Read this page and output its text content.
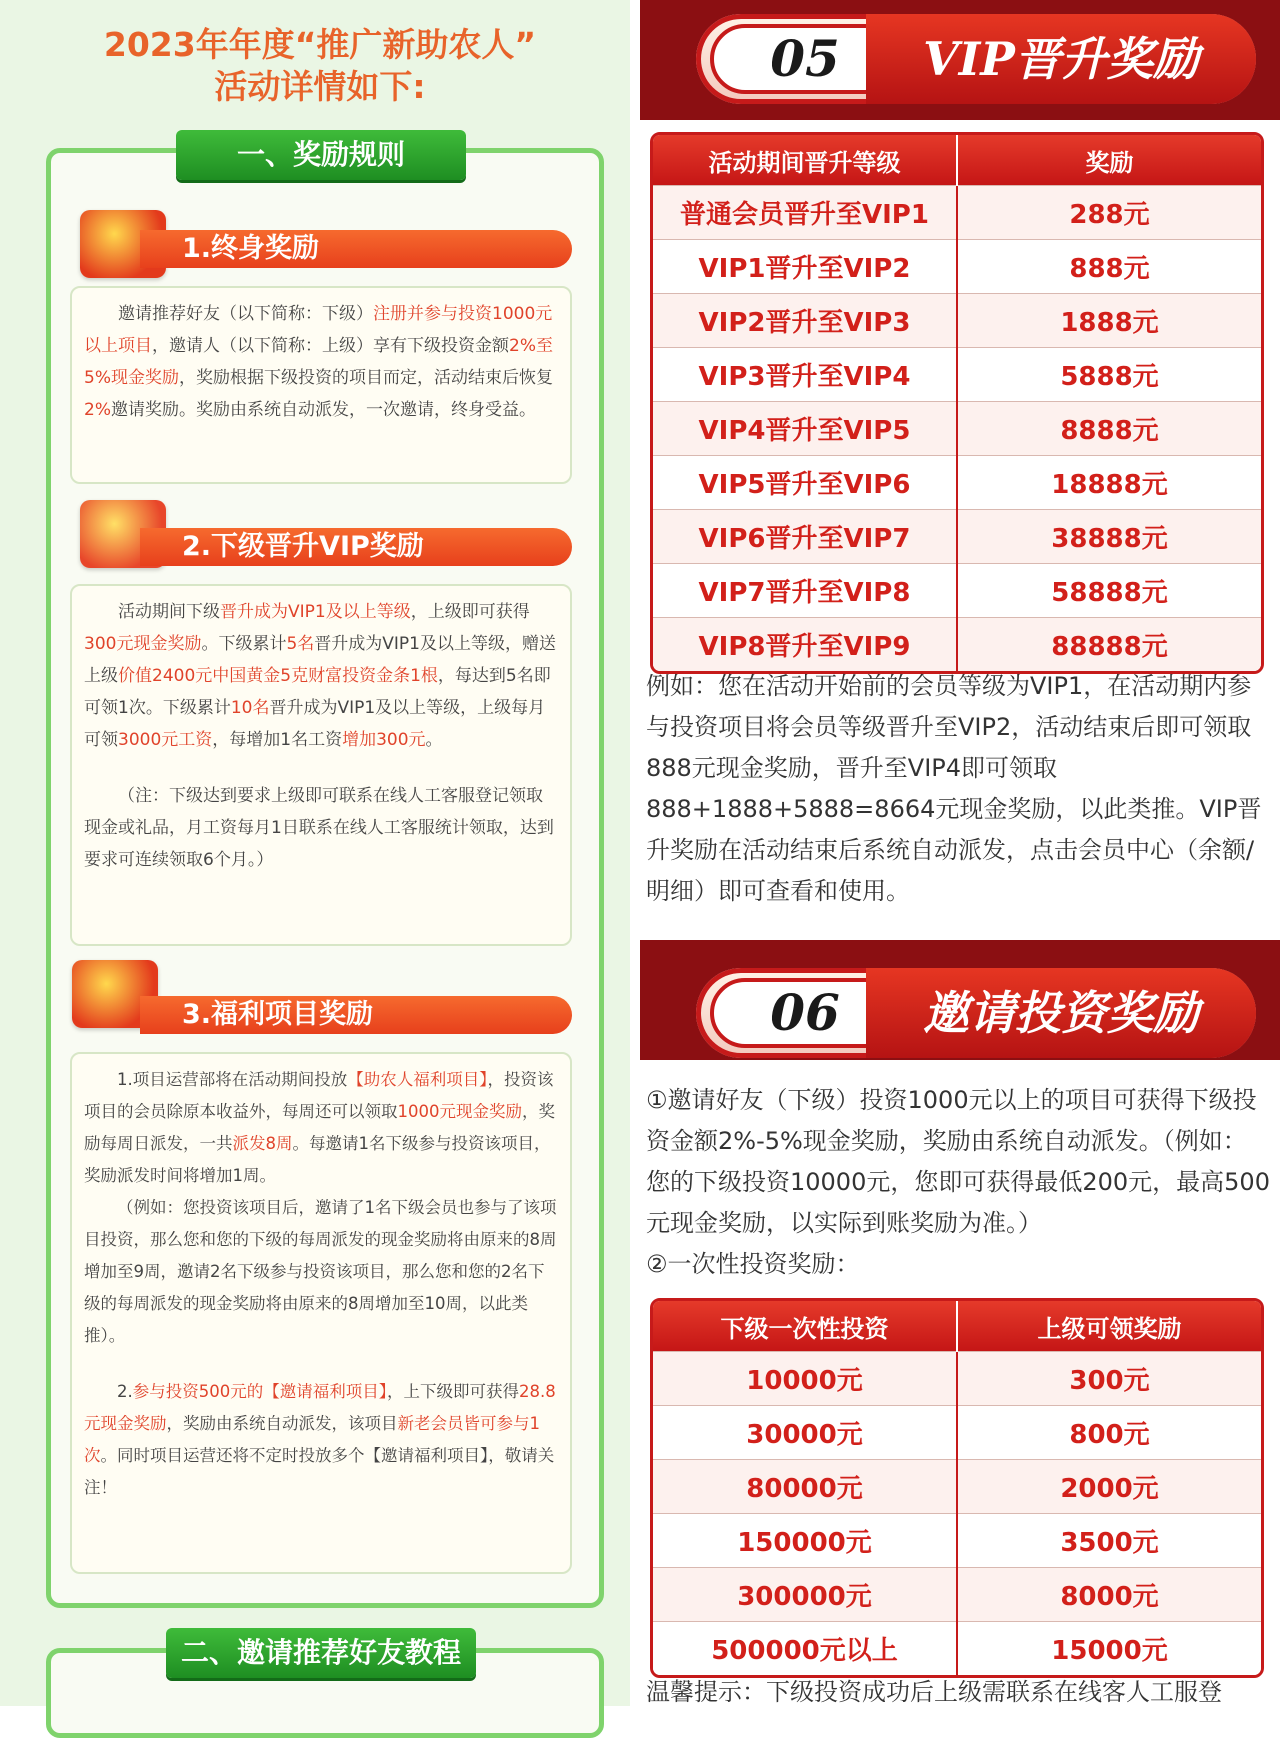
2023年年度“推广新助农人”
活动详情如下:
一、奖励规则
1.终身奖励

邀请推荐好友（以下简称：下级）注册并参与投资1000元以上项目，邀请人（以下简称：上级）享有下级投资金额2%至5%现金奖励，奖励根据下级投资的项目而定，活动结束后恢复2%邀请奖励。奖励由系统自动派发，一次邀请，终身受益。

2.下级晋升VIP奖励

活动期间下级晋升成为VIP1及以上等级，上级即可获得300元现金奖励。下级累计5名晋升成为VIP1及以上等级，赠送上级价值2400元中国黄金5克财富投资金条1根，每达到5名即可领1次。下级累计10名晋升成为VIP1及以上等级，上级每月可领3000元工资，每增加1名工资增加300元。

（注：下级达到要求上级即可联系在线人工客服登记领取现金或礼品，月工资每月1日联系在线人工客服统计领取，达到要求可连续领取6个月。）

3.福利项目奖励

1.项目运营部将在活动期间投放【助农人福利项目】，投资该项目的会员除原本收益外，每周还可以领取1000元现金奖励，奖励每周日派发，一共派发8周。每邀请1名下级参与投资该项目，奖励派发时间将增加1周。

（例如：您投资该项目后，邀请了1名下级会员也参与了该项目投资，那么您和您的下级的每周派发的现金奖励将由原来的8周增加至9周，邀请2名下级参与投资该项目，那么您和您的2名下级的每周派发的现金奖励将由原来的8周增加至10周，以此类推）。

2.参与投资500元的【邀请福利项目】，上下级即可获得28.8元现金奖励，奖励由系统自动派发，该项目新老会员皆可参与1次。同时项目运营还将不定时投放多个【邀请福利项目】，敬请关注！

二、邀请推荐好友教程
05	VIP晋升奖励
活动期间晋升等级	奖励
普通会员晋升至VIP1	288元
VIP1晋升至VIP2	888元
VIP2晋升至VIP3	1888元
VIP3晋升至VIP4	5888元
VIP4晋升至VIP5	8888元
VIP5晋升至VIP6	18888元
VIP6晋升至VIP7	38888元
VIP7晋升至VIP8	58888元
VIP8晋升至VIP9	88888元

例如：您在活动开始前的会员等级为VIP1，在活动期内参与投资项目将会员等级晋升至VIP2，活动结束后即可领取888元现金奖励，晋升至VIP4即可领取888+1888+5888=8664元现金奖励，以此类推。VIP晋升奖励在活动结束后系统自动派发，点击会员中心（余额/明细）即可查看和使用。

06	邀请投资奖励

①邀请好友（下级）投资1000元以上的项目可获得下级投资金额2%-5%现金奖励，奖励由系统自动派发。（例如：您的下级投资10000元，您即可获得最低200元，最高500元现金奖励，以实际到账奖励为准。）

②一次性投资奖励：

下级一次性投资	上级可领奖励
10000元	300元
30000元	800元
80000元	2000元
150000元	3500元
300000元	8000元
500000元以上	15000元
温馨提示：下级投资成功后上级需联系在线客人工服登
